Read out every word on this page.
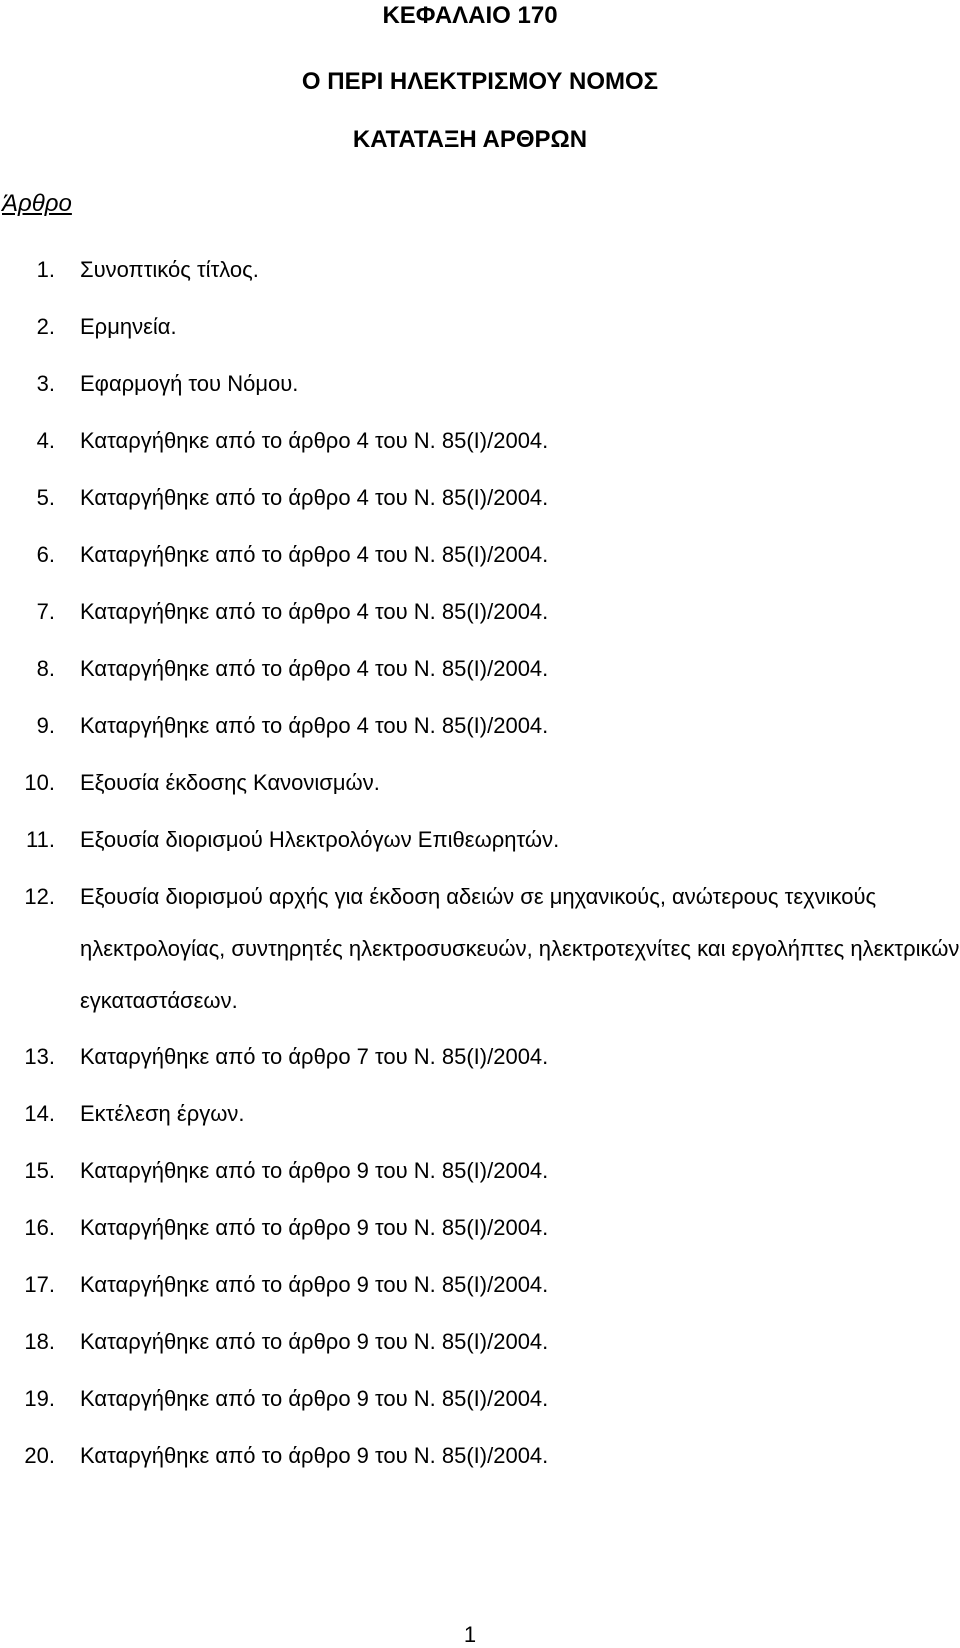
ΚΕΦΑΛΑΙΟ 170
Ο ΠΕΡΙ ΗΛΕΚΤΡΙΣΜΟΥ ΝΟΜΟΣ
ΚΑΤΑΤΑΞΗ ΑΡΘΡΩΝ
Άρθρο
1. Συνοπτικός τίτλος.
2. Ερμηνεία.
3. Εφαρμογή του Νόμου.
4. Καταργήθηκε από το άρθρο 4 του Ν. 85(Ι)/2004.
5. Καταργήθηκε από το άρθρο 4 του Ν. 85(Ι)/2004.
6. Καταργήθηκε από το άρθρο 4 του Ν. 85(Ι)/2004.
7. Καταργήθηκε από το άρθρο 4 του Ν. 85(Ι)/2004.
8. Καταργήθηκε από το άρθρο 4 του Ν. 85(Ι)/2004.
9. Καταργήθηκε από το άρθρο 4 του Ν. 85(Ι)/2004.
10. Εξουσία έκδοσης Κανονισμών.
11. Εξουσία διορισμού Ηλεκτρολόγων Επιθεωρητών.
12. Εξουσία διορισμού αρχής για έκδοση αδειών σε μηχανικούς, ανώτερους τεχνικούς ηλεκτρολογίας, συντηρητές ηλεκτροσυσκευών, ηλεκτροτεχνίτες και εργολήπτες ηλεκτρικών εγκαταστάσεων.
13. Καταργήθηκε από το άρθρο 7 του Ν. 85(Ι)/2004.
14. Εκτέλεση έργων.
15. Καταργήθηκε από το άρθρο 9 του Ν. 85(Ι)/2004.
16. Καταργήθηκε από το άρθρο 9 του Ν. 85(Ι)/2004.
17. Καταργήθηκε από το άρθρο 9 του Ν. 85(Ι)/2004.
18. Καταργήθηκε από το άρθρο 9 του Ν. 85(Ι)/2004.
19. Καταργήθηκε από το άρθρο 9 του Ν. 85(Ι)/2004.
20. Καταργήθηκε από το άρθρο 9 του Ν. 85(Ι)/2004.
1
